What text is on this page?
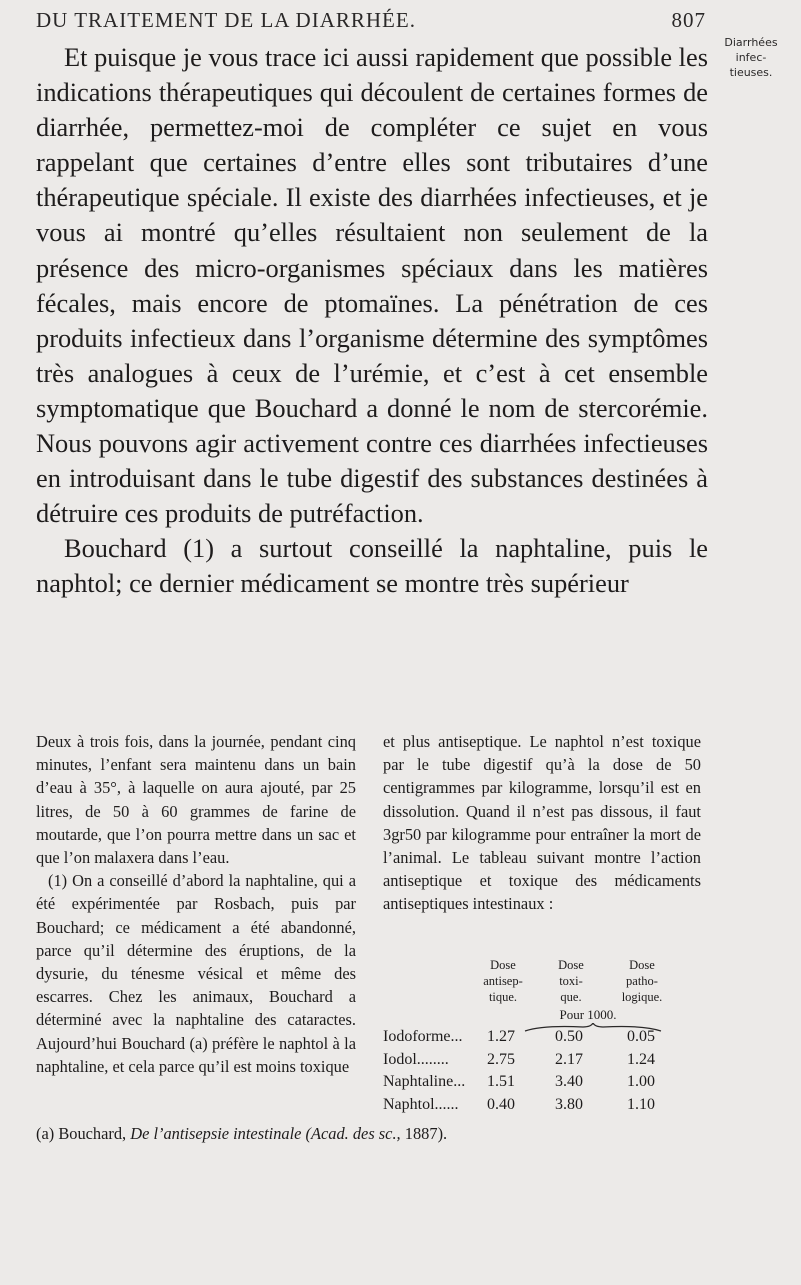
DU TRAITEMENT DE LA DIARRHÉE.	807
Diarrhées
infec-
tieuses.

Et puisque je vous trace ici aussi rapidement que possible les indications thérapeutiques qui découlent de certaines formes de diarrhée, permettez-moi de compléter ce sujet en vous rappelant que certaines d’entre elles sont tributaires d’une thérapeutique spéciale. Il existe des diarrhées infectieuses, et je vous ai montré qu’elles résultaient non seulement de la présence des micro-organismes spéciaux dans les matières fécales, mais encore de ptomaïnes. La pénétration de ces produits infectieux dans l’organisme détermine des symptômes très analogues à ceux de l’urémie, et c’est à cet ensemble symptomatique que Bouchard a donné le nom de stercorémie. Nous pouvons agir activement contre ces diarrhées infectieuses en introduisant dans le tube digestif des substances destinées à détruire ces produits de putréfaction.

Bouchard (1) a surtout conseillé la naphtaline, puis le naphtol; ce dernier médicament se montre très supérieur

Deux à trois fois, dans la journée, pendant cinq minutes, l’enfant sera maintenu dans un bain d’eau à 35°, à laquelle on aura ajouté, par 25 litres, de 50 à 60 grammes de farine de moutarde, que l’on pourra mettre dans un sac et que l’on malaxera dans l’eau.

(1) On a conseillé d’abord la naphtaline, qui a été expérimentée par Rosbach, puis par Bouchard; ce médicament a été abandonné, parce qu’il détermine des éruptions, de la dysurie, du ténesme vésical et même des escarres. Chez les animaux, Bouchard a déterminé avec la naphtaline des cataractes. Aujourd’hui Bouchard (a) préfère le naphtol à la naphtaline, et cela parce qu’il est moins toxique

et plus antiseptique. Le naphtol n’est toxique par le tube digestif qu’à la dose de 50 centigrammes par kilogramme, lorsqu’il est en dissolution. Quand il n’est pas dissous, il faut 3gr50 par kilogramme pour entraîner la mort de l’animal. Le tableau suivant montre l’action antiseptique et toxique des médicaments antiseptiques intestinaux :

Dose
antisep-
tique.
Dose
toxi-
que.
Dose
patho-
logique.
Pour 1000.
Iodoforme...	1.27	0.50	0.05
Iodol........	2.75	2.17	1.24
Naphtaline...	1.51	3.40	1.00
Naphtol......	0.40	3.80	1.10
(a) Bouchard, De l’antisepsie intestinale (Acad. des sc., 1887).
